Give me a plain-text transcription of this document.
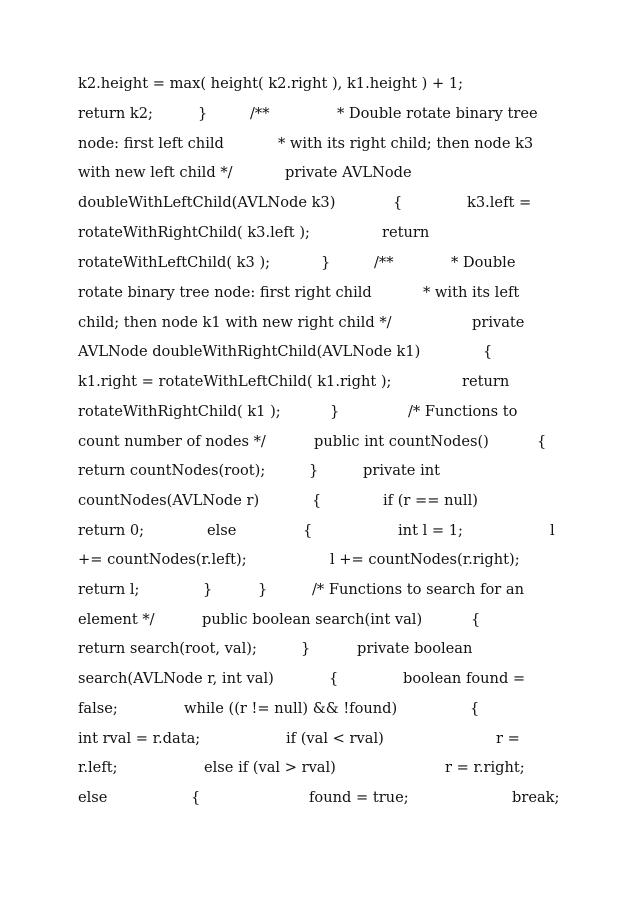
k2.height = max( height( k2.right ), k1.height ) + 1;
return k2;	}	/**	* Double rotate binary tree
node: first left child	* with its right child; then node k3
with new left child */	private AVLNode
doubleWithLeftChild(AVLNode k3)	{	k3.left =
rotateWithRightChild( k3.left );	return
rotateWithLeftChild( k3 );	}	/**	* Double
rotate binary tree node: first right child	* with its left
child; then node k1 with new right child */	private
AVLNode doubleWithRightChild(AVLNode k1)	{
k1.right = rotateWithLeftChild( k1.right );	return
rotateWithRightChild( k1 );	}	/* Functions to
count number of nodes */	public int countNodes()	{
return countNodes(root);	}	private int
countNodes(AVLNode r)	{	if (r == null)
return 0;	else	{	int l = 1;	l
+= countNodes(r.left);	l += countNodes(r.right);
return l;	}	}	/* Functions to search for an
element */	public boolean search(int val)	{
return search(root, val);	}	private boolean
search(AVLNode r, int val)	{	boolean found =
false;	while ((r != null) && !found)	{
int rval = r.data;	if (val < rval)	r =
r.left;	else if (val > rval)	r = r.right;
else	{	found = true;	break;
